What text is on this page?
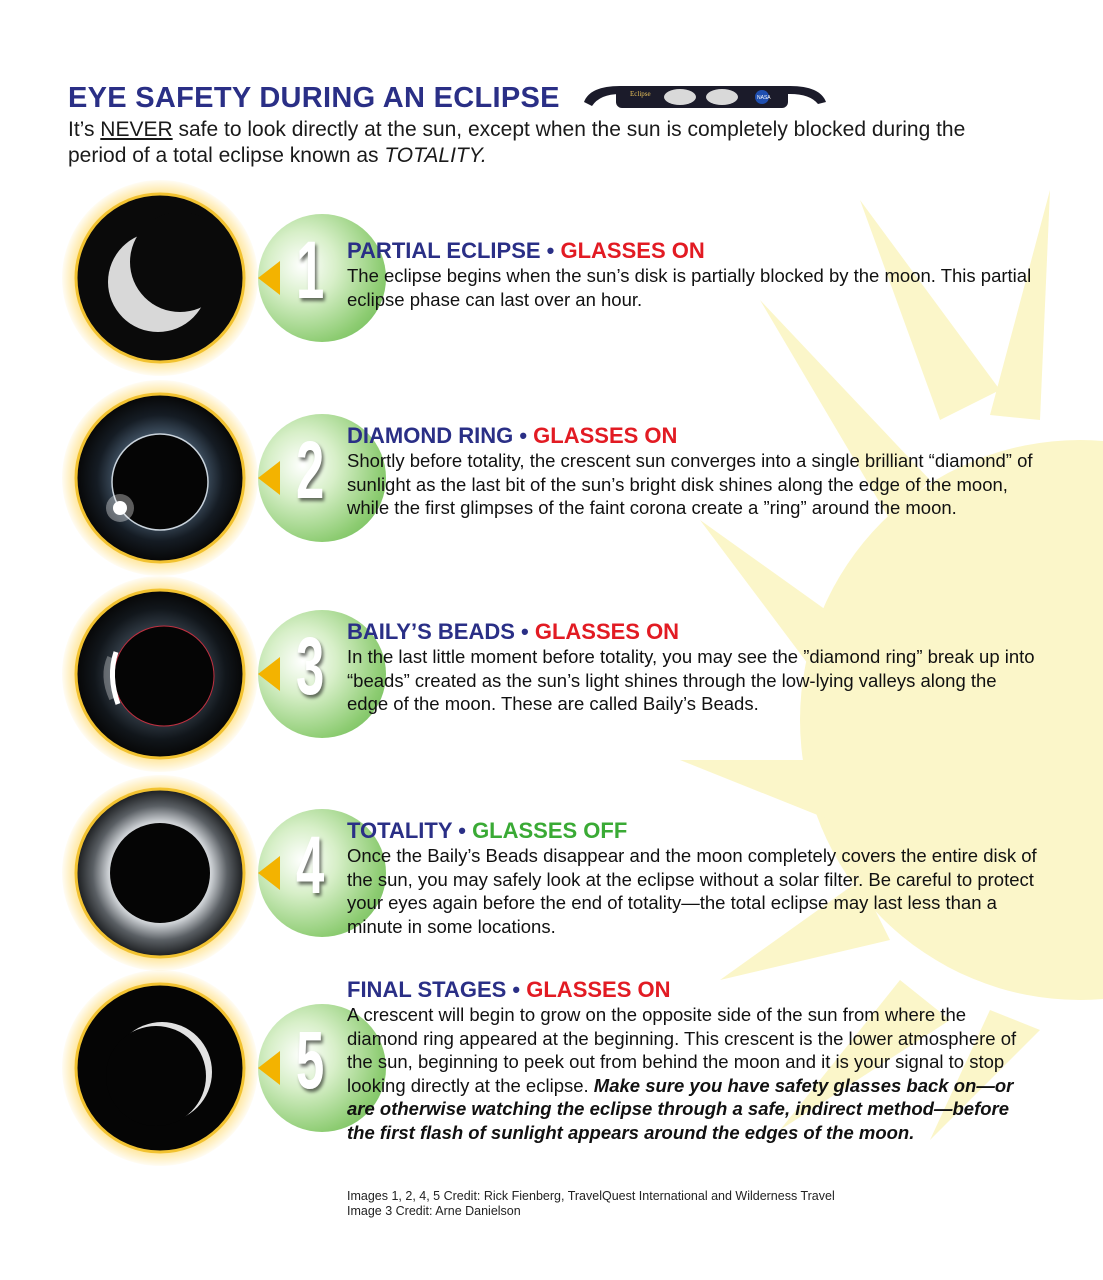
EYE SAFETY DURING AN ECLIPSE	Eclipse	NASA
It’s NEVER safe to look directly at the sun, except when the sun is completely blocked during the period of a total eclipse known as TOTALITY.
1 PARTIAL ECLIPSE • GLASSES ON
The eclipse begins when the sun’s disk is partially blocked by the moon. This partial eclipse phase can last over an hour.
2 DIAMOND RING • GLASSES ON
Shortly before totality, the crescent sun converges into a single brilliant “diamond” of sunlight as the last bit of the sun’s bright disk shines along the edge of the moon, while the first glimpses of the faint corona create a ”ring” around the moon.
3 BAILY’S BEADS • GLASSES ON
In the last little moment before totality, you may see the ”diamond ring” break up into “beads” created as the sun’s light shines through the low-lying valleys along the edge of the moon. These are called Baily’s Beads.
4 TOTALITY • GLASSES OFF
Once the Baily’s Beads disappear and the moon completely covers the entire disk of the sun, you may safely look at the eclipse without a solar filter. Be careful to protect your eyes again before the end of totality—the total eclipse may last less than a minute in some locations.
5
FINAL STAGES • GLASSES ON
A crescent will begin to grow on the opposite side of the sun from where the diamond ring appeared at the beginning. This crescent is the lower atmosphere of the sun, beginning to peek out from behind the moon and it is your signal to stop looking directly at the eclipse. Make sure you have safety glasses back on—or are otherwise watching the eclipse through a safe, indirect method—before the first flash of sunlight appears around the edges of the moon.
Images 1, 2, 4, 5 Credit: Rick Fienberg, TravelQuest International and Wilderness Travel
Image 3 Credit: Arne Danielson
